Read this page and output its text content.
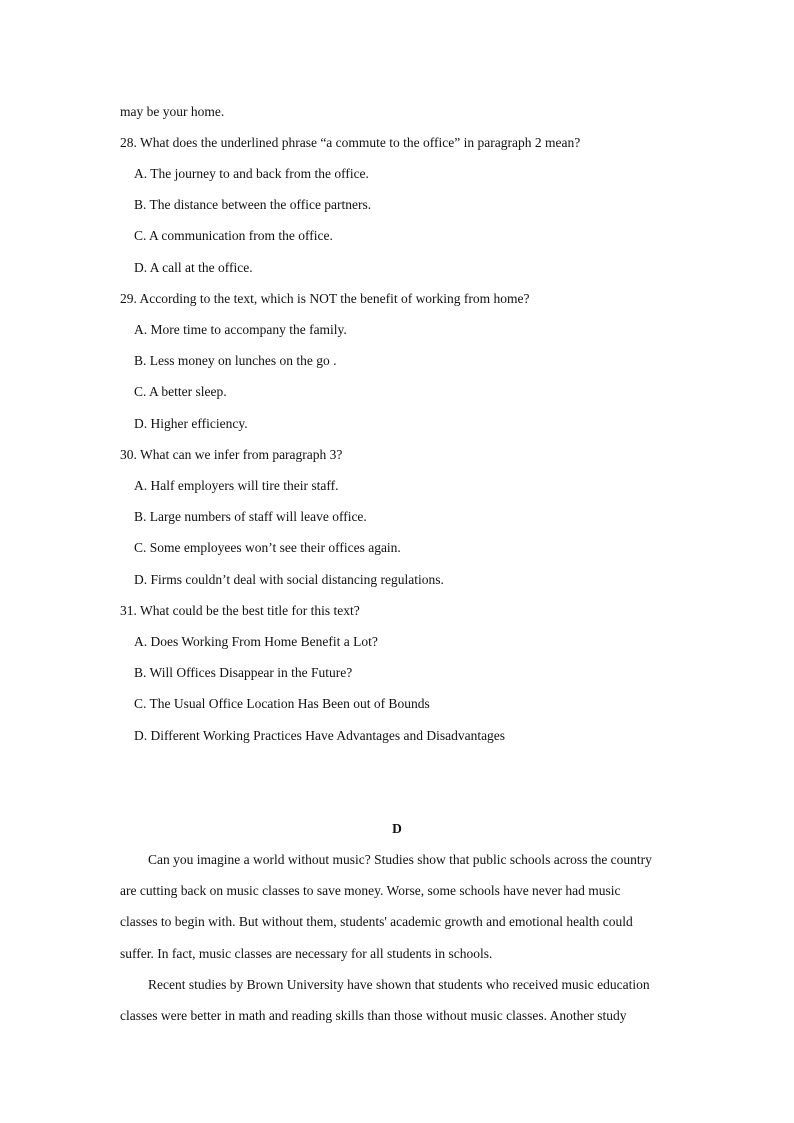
may be your home.
28. What does the underlined phrase “a commute to the office” in paragraph 2 mean?
A. The journey to and back from the office.
B. The distance between the office partners.
C. A communication from the office.
D. A call at the office.
29. According to the text, which is NOT the benefit of working from home?
A. More time to accompany the family.
B. Less money on lunches on the go .
C. A better sleep.
D. Higher efficiency.
30. What can we infer from paragraph 3?
A. Half employers will tire their staff.
B. Large numbers of staff will leave office.
C. Some employees won’t see their offices again.
D. Firms couldn’t deal with social distancing regulations.
31. What could be the best title for this text?
A. Does Working From Home Benefit a Lot?
B. Will Offices Disappear in the Future?
C. The Usual Office Location Has Been out of Bounds
D. Different Working Practices Have Advantages and Disadvantages
D
Can you imagine a world without music? Studies show that public schools across the country
are cutting back on music classes to save money. Worse, some schools have never had music
classes to begin with. But without them, students' academic growth and emotional health could
suffer. In fact, music classes are necessary for all students in schools.
Recent studies by Brown University have shown that students who received music education
classes were better in math and reading skills than those without music classes. Another study
